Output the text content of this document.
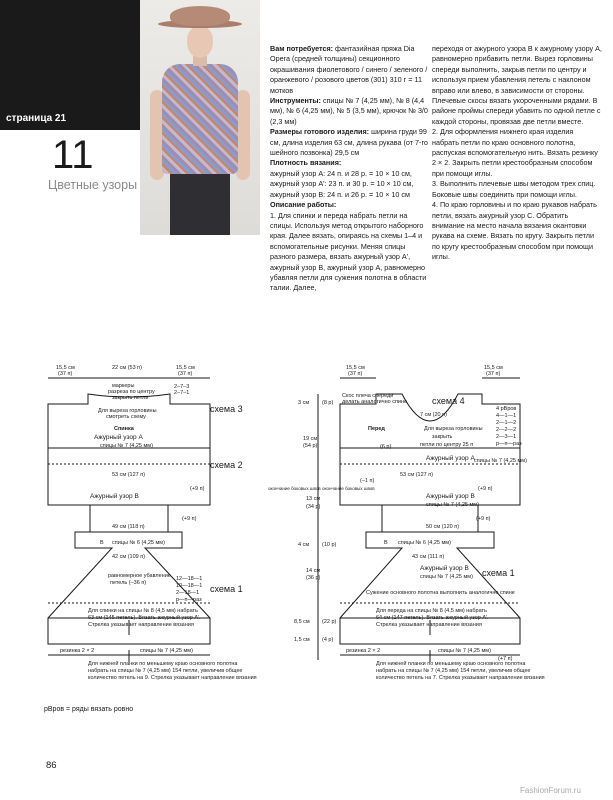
страница 21
11
Цветные узоры

Вам потребуется: фантазийная пряжа Dia Opera (средней толщины) секционного окрашивания фиолетового / синего / зеленого / оранжевого / розового цветов (301) 310 г = 11 мотков

Инструменты: спицы № 7 (4,25 мм), № 8 (4,4 мм), № 6 (4,25 мм), № 5 (3,5 мм), крючок № 3/0 (2,3 мм)

Размеры готового изделия: ширина груди 99 см, длина изделия 63 см, длина рукава (от 7-го шейного позвонка) 29,5 см

Плотность вязания:

ажурный узор А: 24 п. и 28 р. = 10 × 10 см,

ажурный узор А': 23 п. и 30 р. = 10 × 10 см,

ажурный узор В: 24 п. и 26 р. = 10 × 10 см

Описание работы:

1. Для спинки и переда набрать петли на спицы. Используя метод открытого наборного края. Далее вязать, опираясь на схемы 1–4 и вспомогательные рисунки. Меняя спицы разного размера, вязать ажурный узор А', ажурный узор В, ажурный узор А, равномерно убавляя петли для сужения полотна в области талии. Далее,

переходя от ажурного узора В к ажурному узору А, равномерно прибавить петли. Вырез горловины спереди выполнить, закрыв петли по центру и используя прием убавления петель с наклоном вправо или влево, в зависимости от стороны. Плечевые скосы вязать укороченными рядами. В районе проймы спереди убавить по одной петле с каждой стороны, провязав две петли вместе.
2. Для оформления нижнего края изделия набрать петли по краю основного полотна, распуская вспомогательную нить. Вязать резинку 2 × 2. Закрыть петли крестообразным способом при помощи иглы.
3. Выполнить плечевые швы методом трех спиц. Боковые швы соединить при помощи иглы.
4. По краю горловины и по краю рукавов набрать петли, вязать ажурный узор С. Обратить внимание на место начала вязания окантовки рукава на схеме. Вязать по кругу. Закрыть петли по кругу крестообразным способом при помощи иглы.

15,5 см
(37 п)
22 см (53 п)
маркеры
разреза по центру
закрыть петли
15,5 см
(37 п)
2–7–3
2–7–1
Для выреза горловины
смотреть схему
Спинка
Ажурный узор А
спицы № 7 (4,25 мм)
схема 3
схема 2
53 см (127 п)
(+9 п)
Ажурный узор В
49 см (118 п)
(+9 п)
B спицы № 6 (4,25 мм)
42 см (109 п)
равномерное убавление
петель (–36 п)
12—18—1
10—18—1
2—18—1
р—п—раз
схема 1
Для спинки на спицы № 8 (4,5 мм) набрать
63 см (145 петель). Вязать ажурный узор А'.
Стрелка указывает направление вязания
резинка 2 × 2	спицы № 7 (4,25 мм)
Для нижней планки по меньшему краю основного полотна
набрать на спицы № 7 (4,25 мм) 154 петли, увеличив общее
количество петель на 9. Стрелка указывает направление вязания
3 см (8 р)
19 см
(54 р)
13 см
(34 р)
4 см (10 р)
14 см
(36 р)
8,5 см (22 р)
1,5 см (4 р)
окончание боковых швов окончание боковых швов
15,5 см
(37 п)
15,5 см
(37 п)
Скос плеча спереди
делать аналогично спине	схема 4
Перед
7 см (20 п)
4 рВров
4—1—1
2—1—2
2—2—2
2—3—1
р—п—раз
Для выреза горловины
закрыть
петли по центру 25 п
(6 р)
Ажурный узор А спицы № 7 (4,25 мм)
53 см (127 п)
(–1 п)
(+9 п)
Ажурный узор В
спицы № 7 (4,25 мм)
50 см (120 п)
(+9 п)
B спицы № 6 (4,25 мм)
43 см (111 п)
Ажурный узор В
спицы № 7 (4,25 мм) схема 1
Сужение основного полотна выполнить аналогично спине
Для переда на спицы № 8 (4,5 мм) набрать
64 см (147 петель). Вязать ажурный узор А'.
Стрелка указывает направление вязания
резинка 2 × 2	спицы № 7 (4,25 мм)
(+7 п)
Для нижней планки по меньшему краю основного полотна
набрать на спицы № 7 (4,25 мм) 154 петли, увеличив общее
количество петель на 7. Стрелка указывает направление вязания
рВров = ряды вязать ровно
86
FashionForum.ru
